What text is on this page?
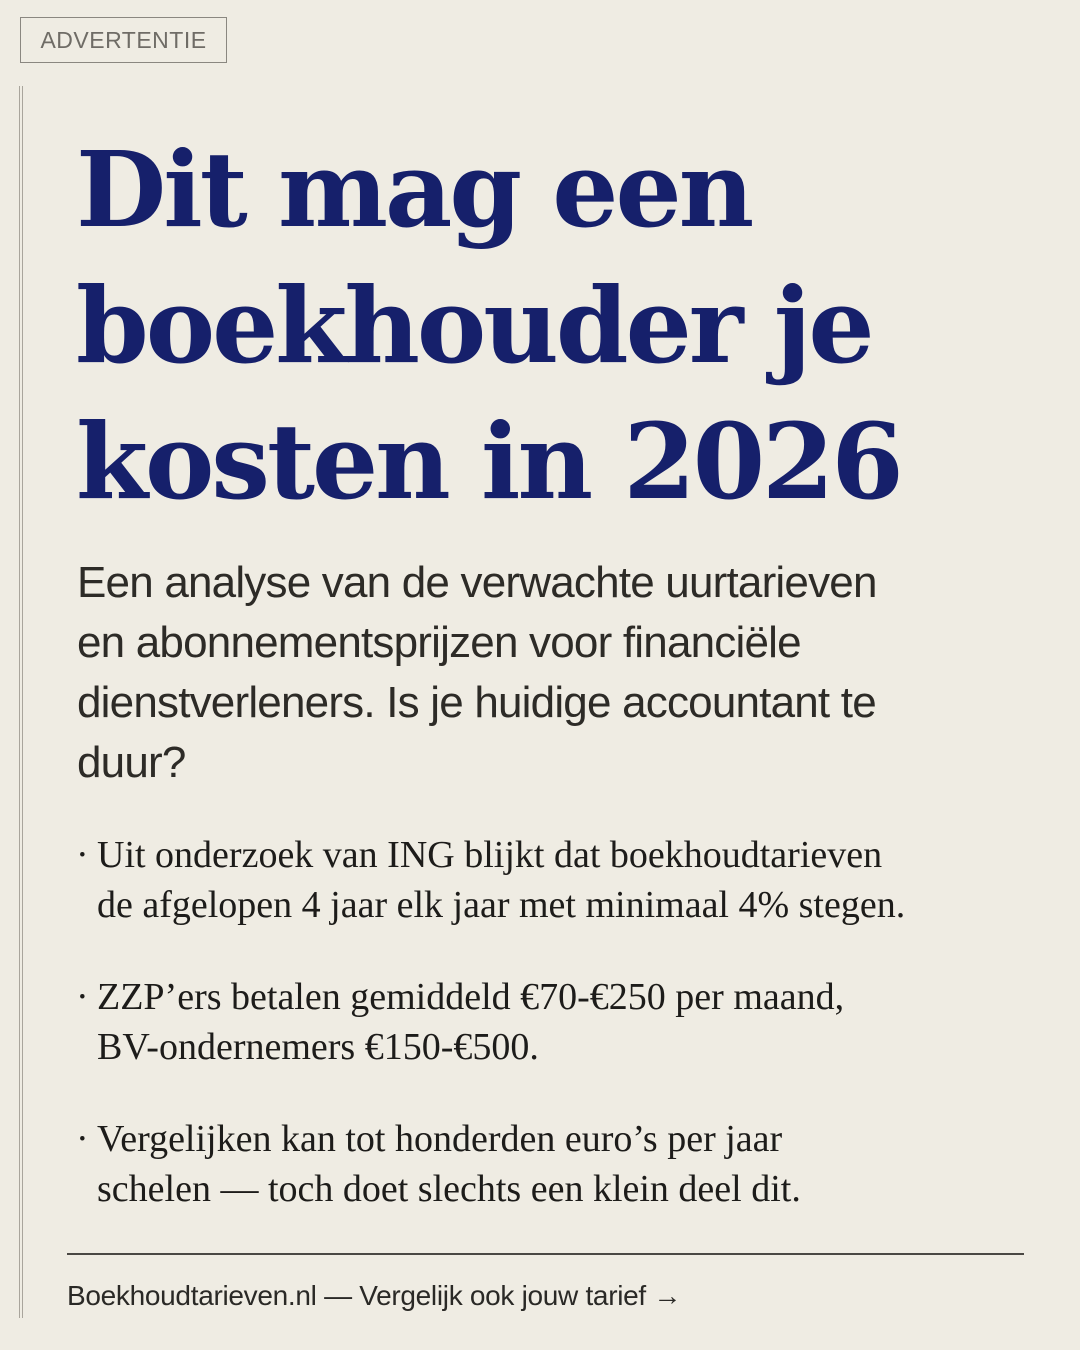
ADVERTENTIE
Dit mag een
boekhouder je
kosten in 2026

Een analyse van de verwachte uurtarieven
en abonnementsprijzen voor financiële
dienstverleners. Is je huidige accountant te
duur?

· Uit onderzoek van ING blijkt dat boekhoudtarieven
de afgelopen 4 jaar elk jaar met minimaal 4% stegen.
· ZZP’ers betalen gemiddeld €70-€250 per maand,
BV-ondernemers €150-€500.
· Vergelijken kan tot honderden euro’s per jaar
schelen — toch doet slechts een klein deel dit.
Boekhoudtarieven.nl — Vergelijk ook jouw tarief →
